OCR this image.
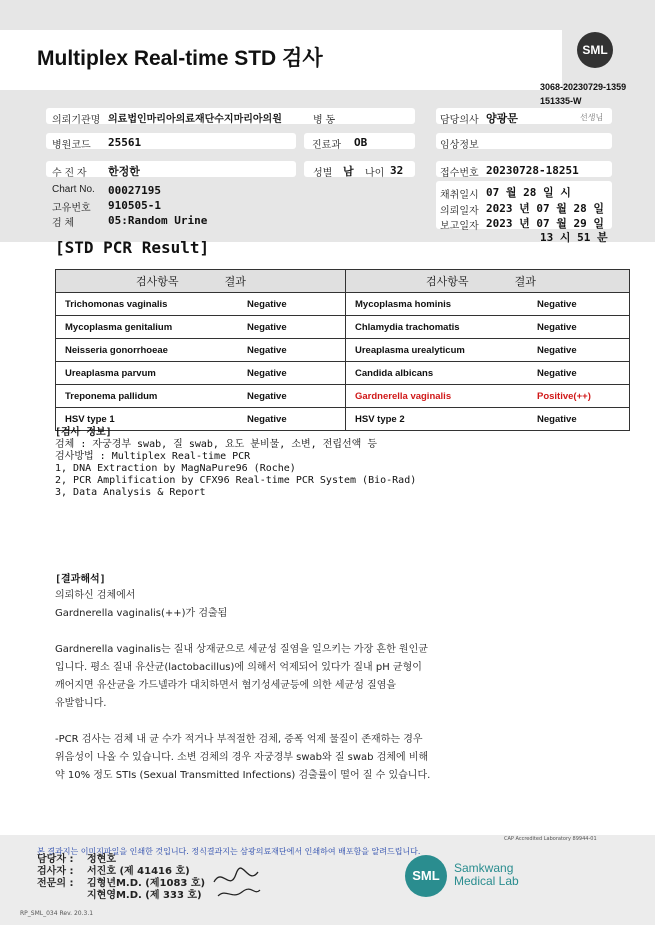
Multiplex Real-time STD 검사	SML
3068-20230729-1359
151335-W
의뢰기관명 의료법인마리아의료재단수지마리아의원	병 동	담당의사 양광문	선생님
병원코드 25561	진료과 OB	임상정보
수 진 자 한정한	성별 남 나이 32	접수번호 20230728-18251
Chart No. 00027195
고유번호 910505-1
검 체	05:Random Urine
채취일시 07 월 28 일 시
의뢰일자 2023 년 07 월 28 일
보고일자 2023 년 07 월 29 일
13 시 51 분
[STD PCR Result]
검사항목 결과		검사항목 결과	
Trichomonas vaginalis	Negative	Mycoplasma hominis	Negative
Mycoplasma genitalium	Negative	Chlamydia trachomatis	Negative
Neisseria gonorrhoeae	Negative	Ureaplasma urealyticum	Negative
Ureaplasma parvum	Negative	Candida albicans	Negative
Treponema pallidum	Negative	Gardnerella vaginalis	Positive(++)
HSV type 1	Negative	HSV type 2	Negative
[검사 정보]
검체 : 자궁경부 swab, 질 swab, 요도 분비물, 소변, 전립선액 등
검사방법 : Multiplex Real-time PCR
1, DNA Extraction by MagNaPure96 (Roche)
2, PCR Amplification by CFX96 Real-time PCR System (Bio-Rad)
3, Data Analysis & Report
[결과해석]
의뢰하신 검체에서
Gardnerella vaginalis(++)가 검출됨
Gardnerella vaginalis는 질내 상재균으로 세균성 질염을 일으키는 가장 흔한 원인균
입니다. 평소 질내 유산균(lactobacillus)에 의해서 억제되어 있다가 질내 pH 균형이
깨어지면 유산균을 가드넬라가 대치하면서 혐기성세균등에 의한 세균성 질염을
유발합니다.
-PCR 검사는 검체 내 균 수가 적거나 부적절한 검체, 증폭 억제 물질이 존재하는 경우
위음성이 나올 수 있습니다. 소변 검체의 경우 자궁경부 swab와 질 swab 검체에 비해
약 10% 정도 STIs (Sexual Transmitted Infections) 검출률이 떨어 질 수 있습니다.
CAP Accredited Laboratory 89944-01
본 결과지는 이미지파일을 인쇄한 것입니다. 정식결과지는 삼광의료재단에서 인쇄하여 배포함을 알려드립니다.
담당자 : 정현호
검사자 : 서진호 (제 41416 호)
전문의 : 김형년M.D. (제1083 호)
지현영M.D. (제 333 호)
SML	Samkwang
Medical Lab
RP_SML_034 Rev. 20.3.1
